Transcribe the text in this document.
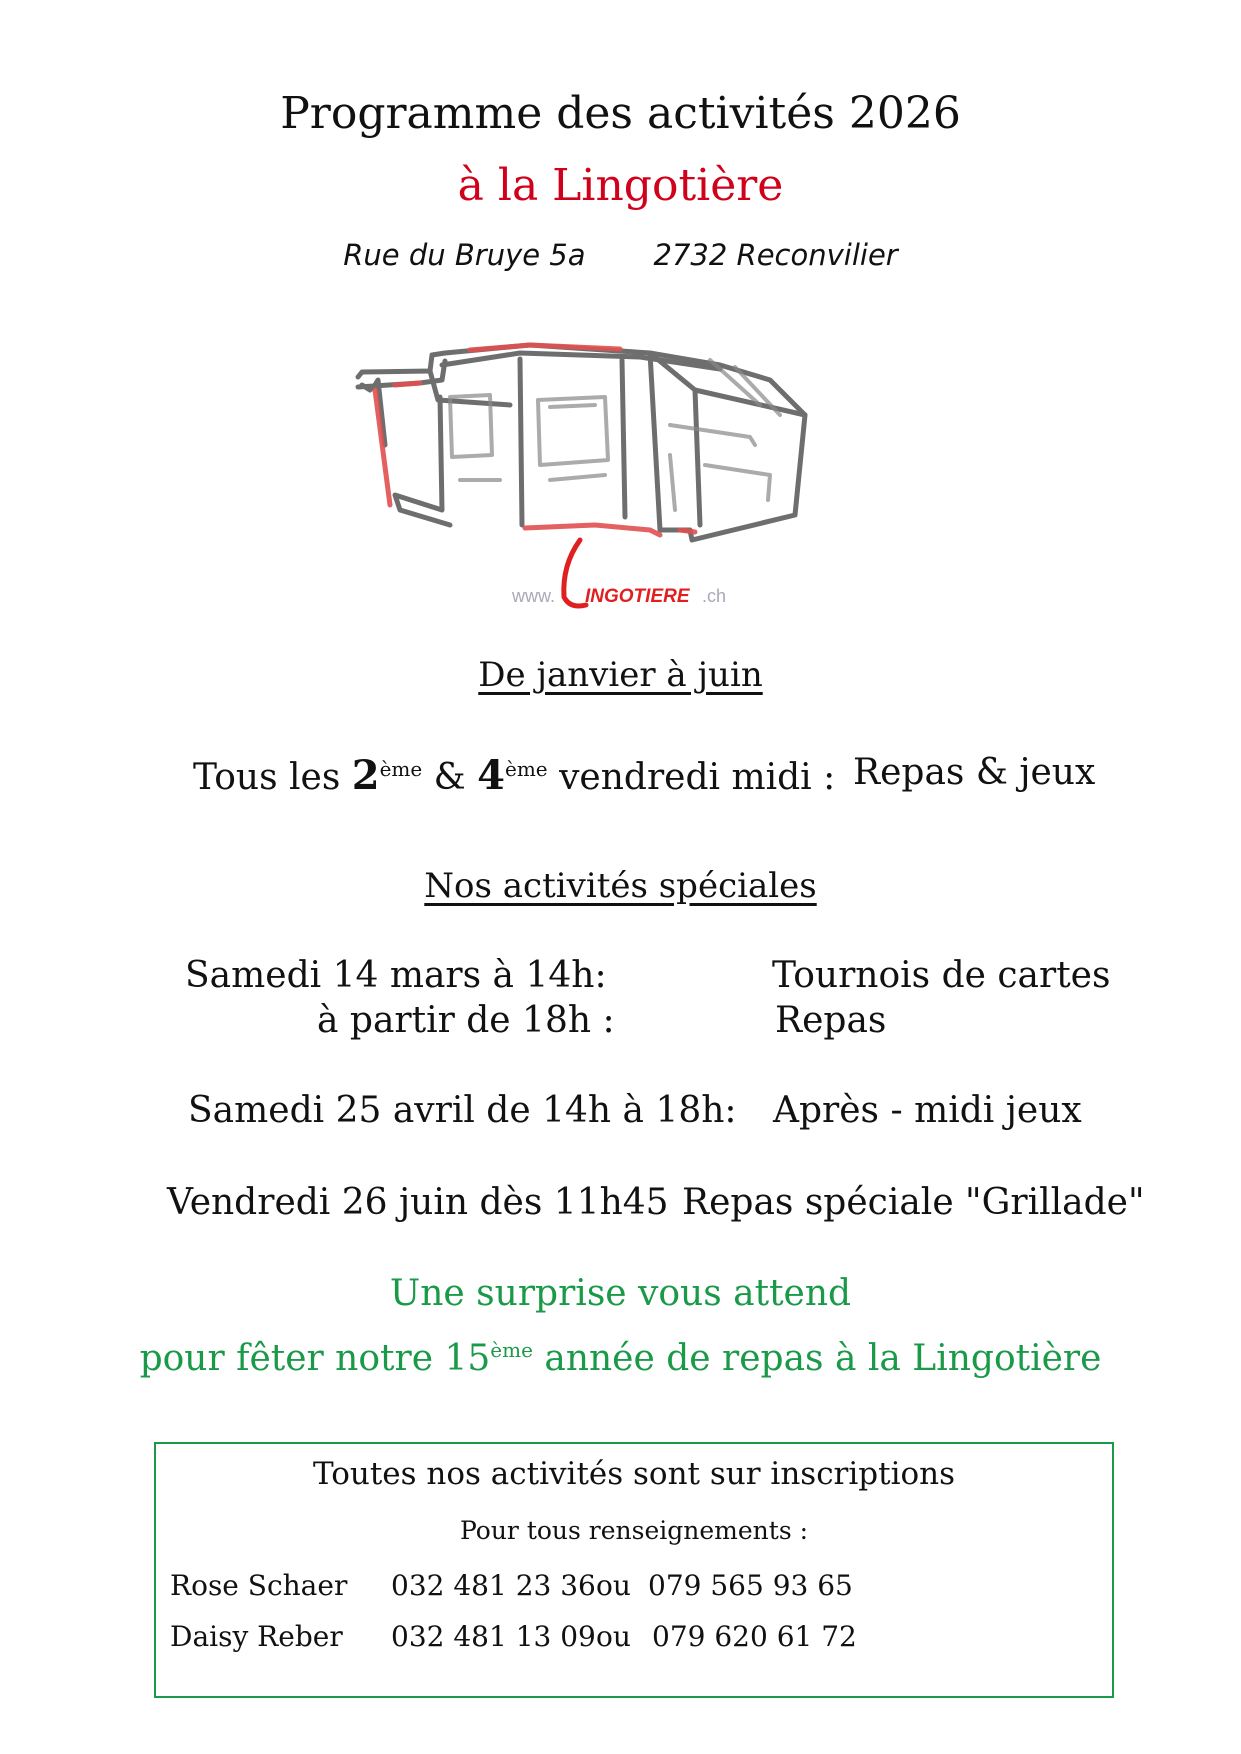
Programme des activités 2026
à la Lingotière
Rue du Bruye 5a 2732 Reconvilier
www. INGOTIERE .ch
De janvier à juin
Tous les 2ème & 4ème vendredi midi : Repas & jeux
Nos activités spéciales
Samedi 14 mars à 14h:	Tournois de cartes
à partir de 18h :	Repas
Samedi 25 avril de 14h à 18h: Après - midi jeux
Vendredi 26 juin dès 11h45 Repas spéciale "Grillade"
Une surprise vous attend
pour fêter notre 15ème année de repas à la Lingotière
Toutes nos activités sont sur inscriptions
Pour tous renseignements :
Rose Schaer 032 481 23 36 ou 079 565 93 65
Daisy Reber 032 481 13 09 ou 079 620 61 72
